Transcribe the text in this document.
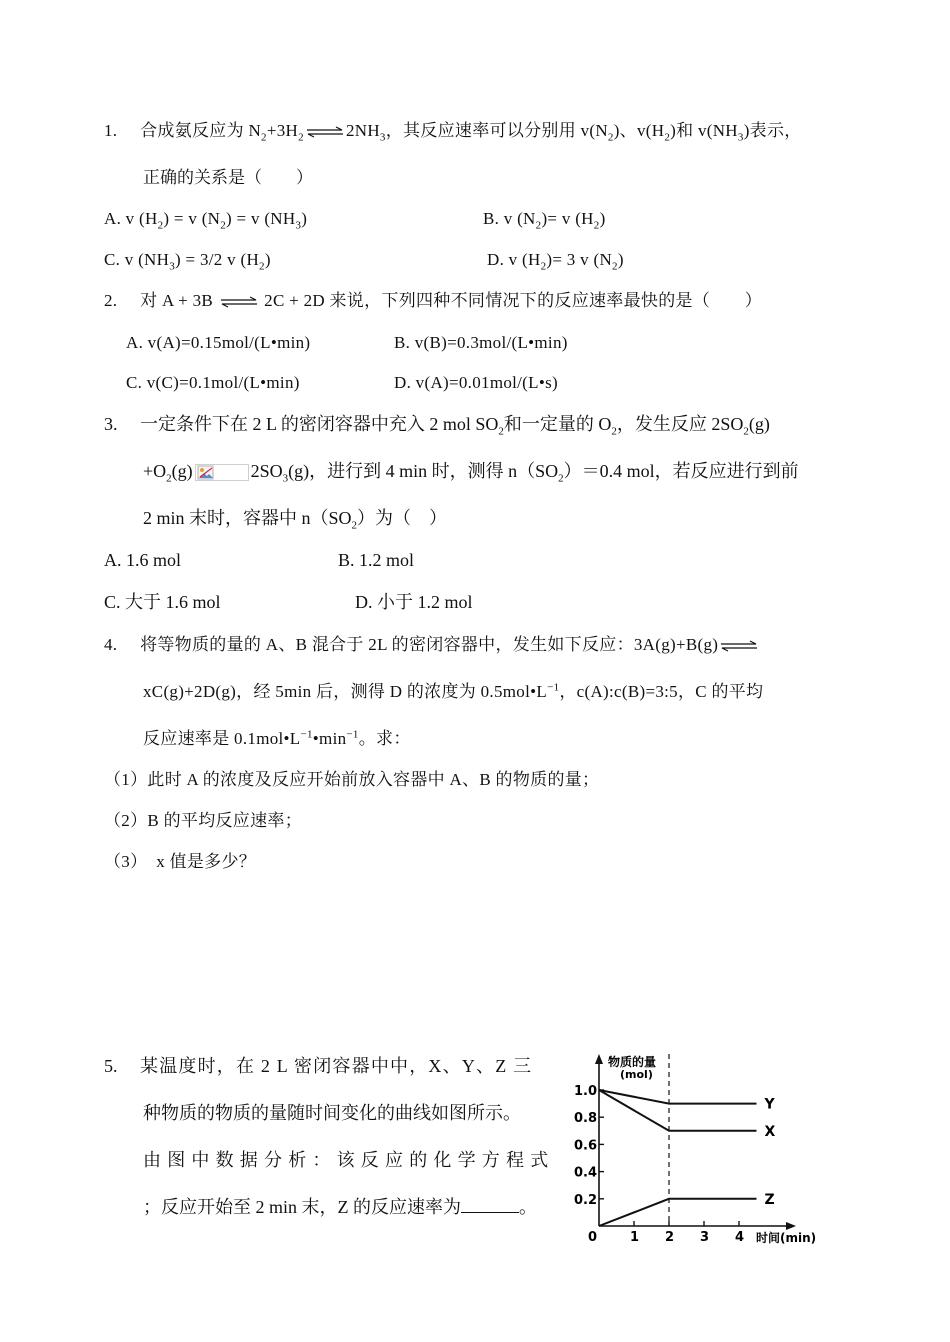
1. 合成氨反应为 $N_2+3H_2$ ⇌ $2NH_3$，其反应速率可以分别用 $v(N_2)$、$v(H_2)$和 $v(NH_3)$表示，
正确的关系是（　　）
A. v $(H_2) = v$ $(N_2) = v$ $(NH_3)$	B. v $(N_2)= v$ $(H_2)$
C. v $(NH_3) = 3/2$ v $(H_2)$	D. v $(H_2)= 3$ v $(N_2)$
2. 对 A + 3B ⇌ 2C + 2D 来说，下列四种不同情况下的反应速率最快的是（　　）
A. v(A)=0.15mol/(L•min)	B. v(B)=0.3mol/(L•min)
C. v(C)=0.1mol/(L•min)	D. v(A)=0.01mol/(L•s)
3. 一定条件下在 2 L 的密闭容器中充入 2 mol $SO_2$和一定量的 $O_2$，发生反应 $2SO_2(g)$
$+O_2(g)$	$2SO_3(g)$，进行到 4 min 时，测得 $n(SO_2)=0.4$ mol，若反应进行到前
2 min 末时，容器中 $n(SO_2)$为（　）
A. 1.6 mol	B. 1.2 mol
C. 大于 1.6 mol	D. 小于 1.2 mol
4. 将等物质的量的 A、B 混合于 2L 的密闭容器中，发生如下反应：3A(g)+B(g) ⇌
xC(g)+2D(g)，经 5min 后，测得 D 的浓度为 $0.5mol•L^{-1}$，c(A):c(B)=3:5，C 的平均
反应速率是 $0.1mol•L^{-1}•\min^{-1}$。求：
（1）此时 A 的浓度及反应开始前放入容器中 A、B 的物质的量；
（2）B 的平均反应速率；
（3）　x 值是多少？
5. 某温度时，在 2 L 密闭容器中中，X、Y、Z 三
种物质的物质的量随时间变化的曲线如图所示。
由图中数据分析：该反应的化学方程式
；反应开始至 2 min 末，Z 的反应速率为	。
物质的量
(mol)
0	时间(min)
1 2 3 4
0.2
0.4
0.6
0.8
1.0
Y
X
Z
